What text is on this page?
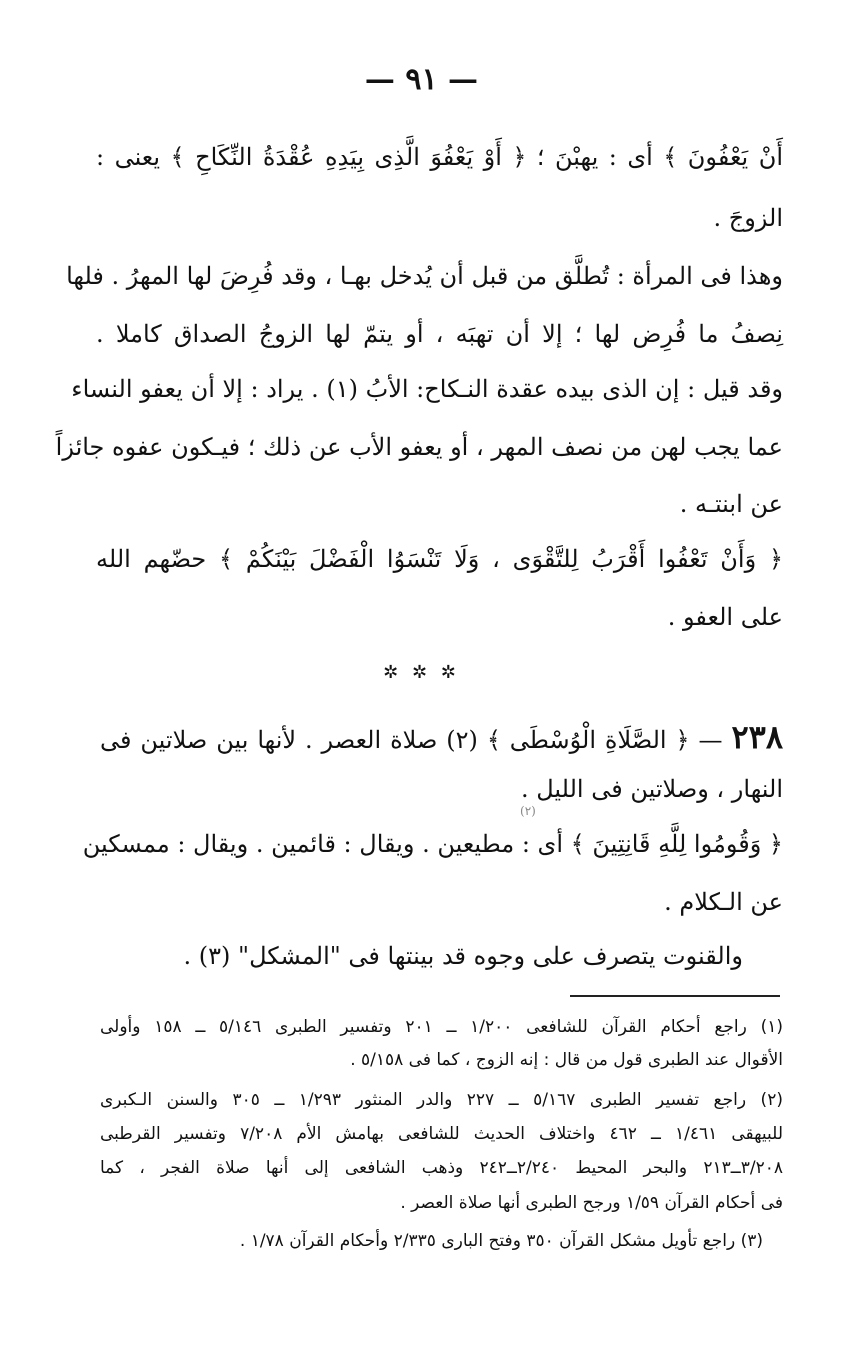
— ٩١ —
أَنْ يَعْفُونَ ﴾ أى : يهبْنَ ؛ ﴿ أَوْ يَعْفُوَ الَّذِى بِيَدِهِ عُقْدَةُ النِّكَاحِ ﴾ يعنى :
الزوجَ .
وهذا فى المرأة : تُطلَّق من قبل أن يُدخل بهـا ، وقد فُرِضَ لها المهرُ . فلها
نِصفُ ما فُرِض لها ؛ إلا أن تهبَه ، أو يتمّ لها الزوجُ الصداق كاملا .
وقد قيل : إن الذى بيده عقدة النـكاح: الأبُ (١) . يراد : إلا أن يعفو النساء
عما يجب لهن من نصف المهر ، أو يعفو الأب عن ذلك ؛ فيـكون عفوه جائزاً
عن ابنتـه .
﴿ وَأَنْ تَعْفُوا أَقْرَبُ لِلتَّقْوَى ، وَلَا تَنْسَوُا الْفَضْلَ بَيْنَكُمْ ﴾ حضّهم الله
على العفو .
✲ ✲ ✲
٢٣٨ — ﴿ الصَّلَاةِ الْوُسْطَى ﴾ (٢) صلاة العصر . لأنها بين صلاتين فى
النهار ، وصلاتين فى الليل .
(٢)
﴿ وَقُومُوا لِلَّهِ قَانِتِينَ ﴾ أى : مطيعين . ويقال : قائمين . ويقال : ممسكين
عن الـكلام .
والقنوت يتصرف على وجوه قد بينتها فى "المشكل" (٣) .
(١) راجع أحكام القرآن للشافعى ١/٢٠٠ ــ ٢٠١ وتفسير الطبرى ٥/١٤٦ ــ ١٥٨ وأولى
الأقوال عند الطبرى قول من قال : إنه الزوج ، كما فى ٥/١٥٨ .
(٢) راجع تفسير الطبرى ٥/١٦٧ ــ ٢٢٧ والدر المنثور ١/٢٩٣ ــ ٣٠٥ والسنن الـكبرى
للبيهقى ١/٤٦١ ــ ٤٦٢ واختلاف الحديث للشافعى بهامش الأم ٧/٢٠٨ وتفسير القرطبى
٣/٢٠٨ــ٢١٣ والبحر المحيط ٢/٢٤٠ــ٢٤٢ وذهب الشافعى إلى أنها صلاة الفجر ، كما
فى أحكام القرآن ١/٥٩ ورجح الطبرى أنها صلاة العصر .
(٣) راجع تأويل مشكل القرآن ٣٥٠ وفتح البارى ٢/٣٣٥ وأحكام القرآن ١/٧٨ .
